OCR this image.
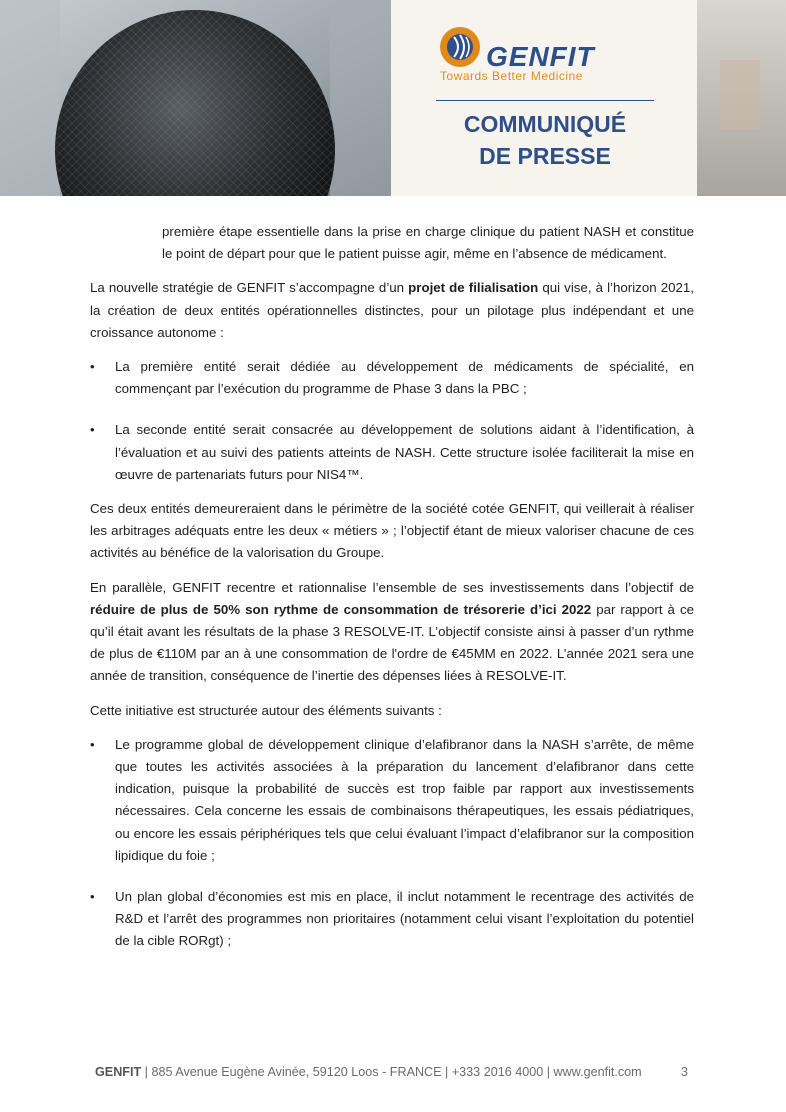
GENFIT
Towards Better Medicine
COMMUNIQUÉ
DE PRESSE

première étape essentielle dans la prise en charge clinique du patient NASH et constitue le point de départ pour que le patient puisse agir, même en l’absence de médicament.

La nouvelle stratégie de GENFIT s’accompagne d’un projet de filialisation qui vise, à l’horizon 2021, la création de deux entités opérationnelles distinctes, pour un pilotage plus indépendant et une croissance autonome :

• La première entité serait dédiée au développement de médicaments de spécialité, en commençant par l’exécution du programme de Phase 3 dans la PBC ;

• La seconde entité serait consacrée au développement de solutions aidant à l’identification, à l’évaluation et au suivi des patients atteints de NASH. Cette structure isolée faciliterait la mise en œuvre de partenariats futurs pour NIS4™.

Ces deux entités demeureraient dans le périmètre de la société cotée GENFIT, qui veillerait à réaliser les arbitrages adéquats entre les deux « métiers » ; l’objectif étant de mieux valoriser chacune de ces activités au bénéfice de la valorisation du Groupe.

En parallèle, GENFIT recentre et rationnalise l’ensemble de ses investissements dans l’objectif de réduire de plus de 50% son rythme de consommation de trésorerie d’ici 2022 par rapport à ce qu’il était avant les résultats de la phase 3 RESOLVE-IT. L’objectif consiste ainsi à passer d’un rythme de plus de €110M par an à une consommation de l'ordre de €45MM en 2022. L’année 2021 sera une année de transition, conséquence de l’inertie des dépenses liées à RESOLVE-IT.

Cette initiative est structurée autour des éléments suivants :

• Le programme global de développement clinique d’elafibranor dans la NASH s’arrête, de même que toutes les activités associées à la préparation du lancement d’elafibranor dans cette indication, puisque la probabilité de succès est trop faible par rapport aux investissements nécessaires. Cela concerne les essais de combinaisons thérapeutiques, les essais pédiatriques, ou encore les essais périphériques tels que celui évaluant l’impact d’elafibranor sur la composition lipidique du foie ;

• Un plan global d’économies est mis en place, il inclut notamment le recentrage des activités de R&D et l’arrêt des programmes non prioritaires (notamment celui visant l’exploitation du potentiel de la cible RORgt) ;

GENFIT | 885 Avenue Eugène Avinée, 59120 Loos - FRANCE | +333 2016 4000 | www.genfit.com	3
